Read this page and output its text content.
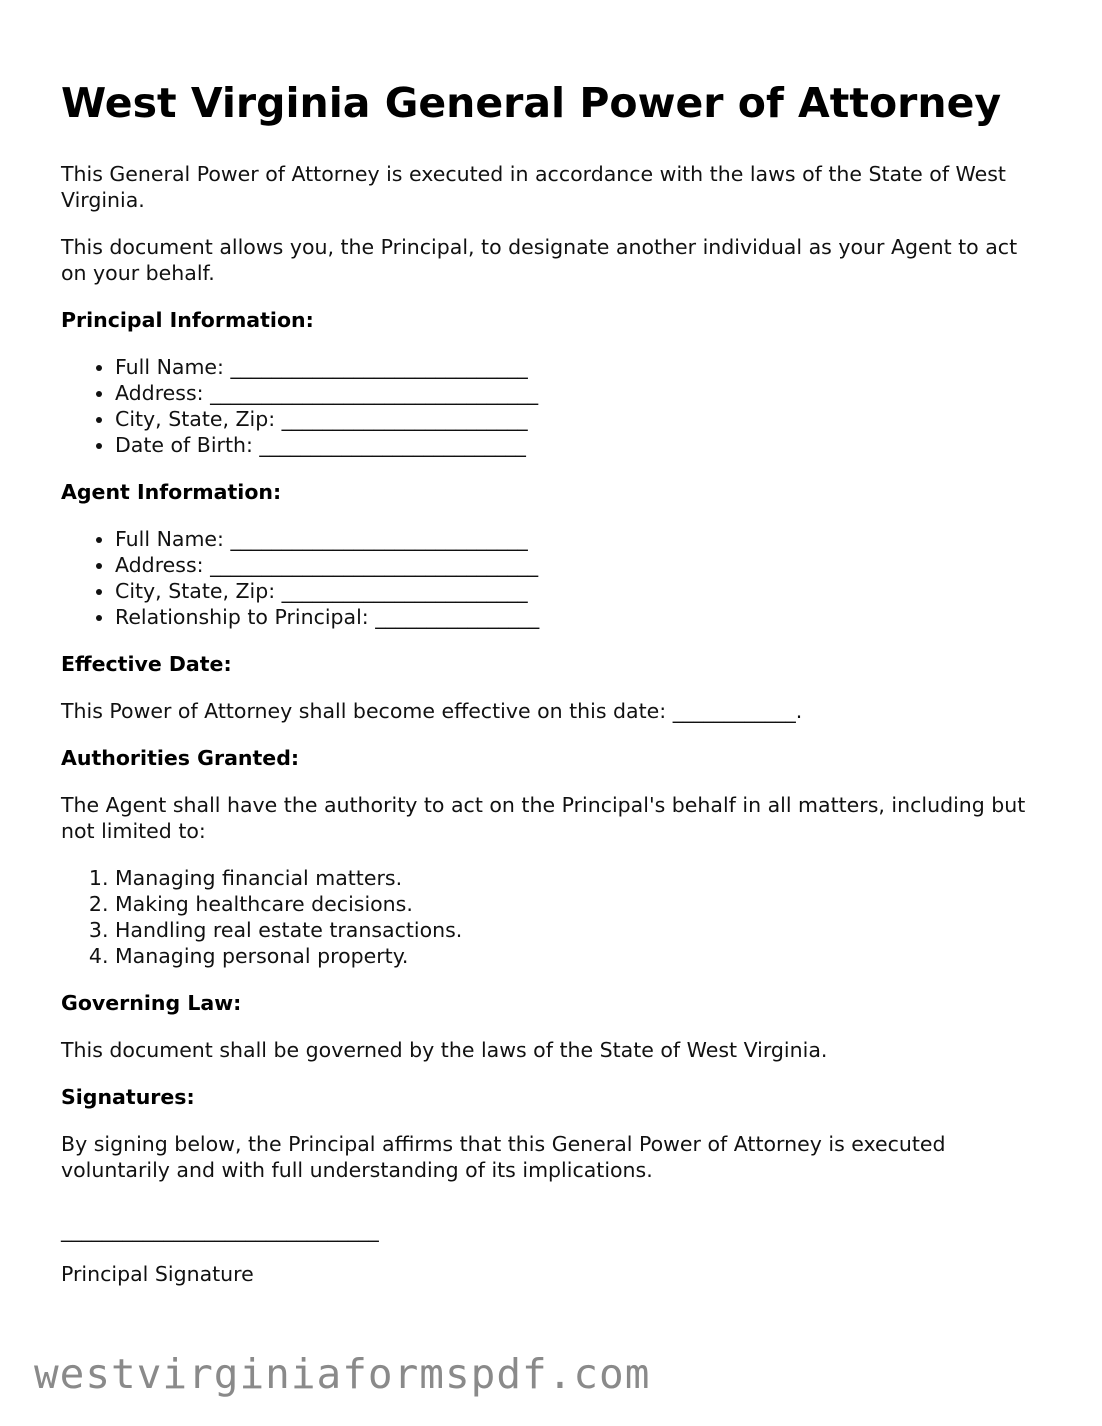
West Virginia General Power of Attorney

This General Power of Attorney is executed in accordance with the laws of the State of West Virginia.

This document allows you, the Principal, to designate another individual as your Agent to act on your behalf.

Principal Information:
• Full Name: _____________________________
• Address: ________________________________
• City, State, Zip: ________________________
• Date of Birth: __________________________
Agent Information:
• Full Name: _____________________________
• Address: ________________________________
• City, State, Zip: ________________________
• Relationship to Principal: ________________
Effective Date:

This Power of Attorney shall become effective on this date: ____________.

Authorities Granted:

The Agent shall have the authority to act on the Principal's behalf in all matters, including but not limited to:

1. Managing financial matters.
2. Making healthcare decisions.
3. Handling real estate transactions.
4. Managing personal property.
Governing Law:

This document shall be governed by the laws of the State of West Virginia.

Signatures:

By signing below, the Principal affirms that this General Power of Attorney is executed voluntarily and with full understanding of its implications.

_______________________________

Principal Signature

westvirginiaformspdf.com
